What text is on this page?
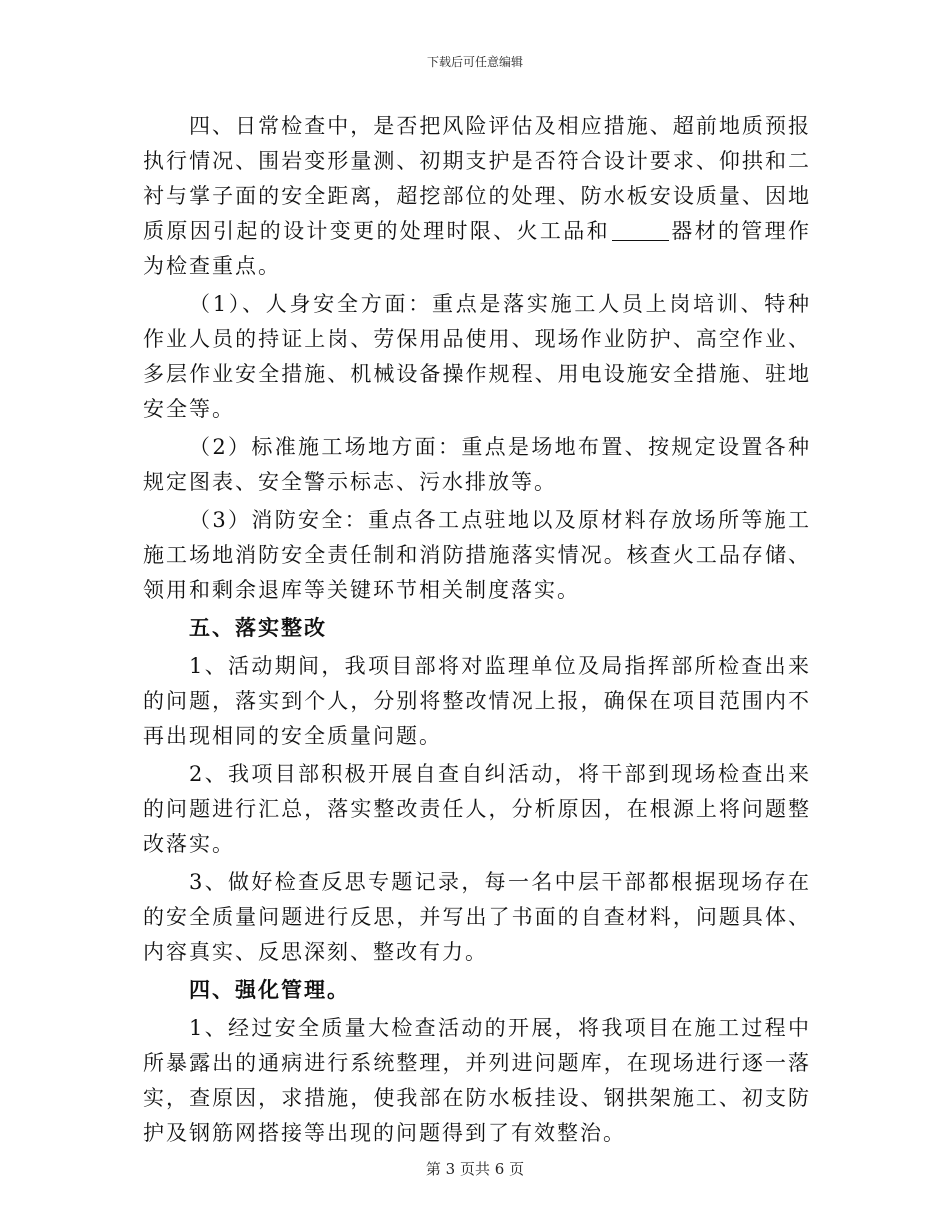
下载后可任意编辑

四、日常检查中，是否把风险评估及相应措施、超前地质预报执行情况、围岩变形量测、初期支护是否符合设计要求、仰拱和二衬与掌子面的安全距离，超挖部位的处理、防水板安设质量、因地质原因引起的设计变更的处理时限、火工品和	器材的管理作为检查重点。

（1）、人身安全方面：重点是落实施工人员上岗培训、特种作业人员的持证上岗、劳保用品使用、现场作业防护、高空作业、多层作业安全措施、机械设备操作规程、用电设施安全措施、驻地安全等。

（2）标准施工场地方面：重点是场地布置、按规定设置各种规定图表、安全警示标志、污水排放等。

（3）消防安全：重点各工点驻地以及原材料存放场所等施工施工场地消防安全责任制和消防措施落实情况。核查火工品存储、领用和剩余退库等关键环节相关制度落实。

五、落实整改

1、活动期间，我项目部将对监理单位及局指挥部所检查出来的问题，落实到个人，分别将整改情况上报，确保在项目范围内不再出现相同的安全质量问题。

2、我项目部积极开展自查自纠活动，将干部到现场检查出来的问题进行汇总，落实整改责任人，分析原因，在根源上将问题整改落实。

3、做好检查反思专题记录，每一名中层干部都根据现场存在的安全质量问题进行反思，并写出了书面的自查材料，问题具体、内容真实、反思深刻、整改有力。

四、强化管理。

1、经过安全质量大检查活动的开展，将我项目在施工过程中所暴露出的通病进行系统整理，并列进问题库，在现场进行逐一落实，查原因，求措施，使我部在防水板挂设、钢拱架施工、初支防护及钢筋网搭接等出现的问题得到了有效整治。

第 3 页共 6 页
